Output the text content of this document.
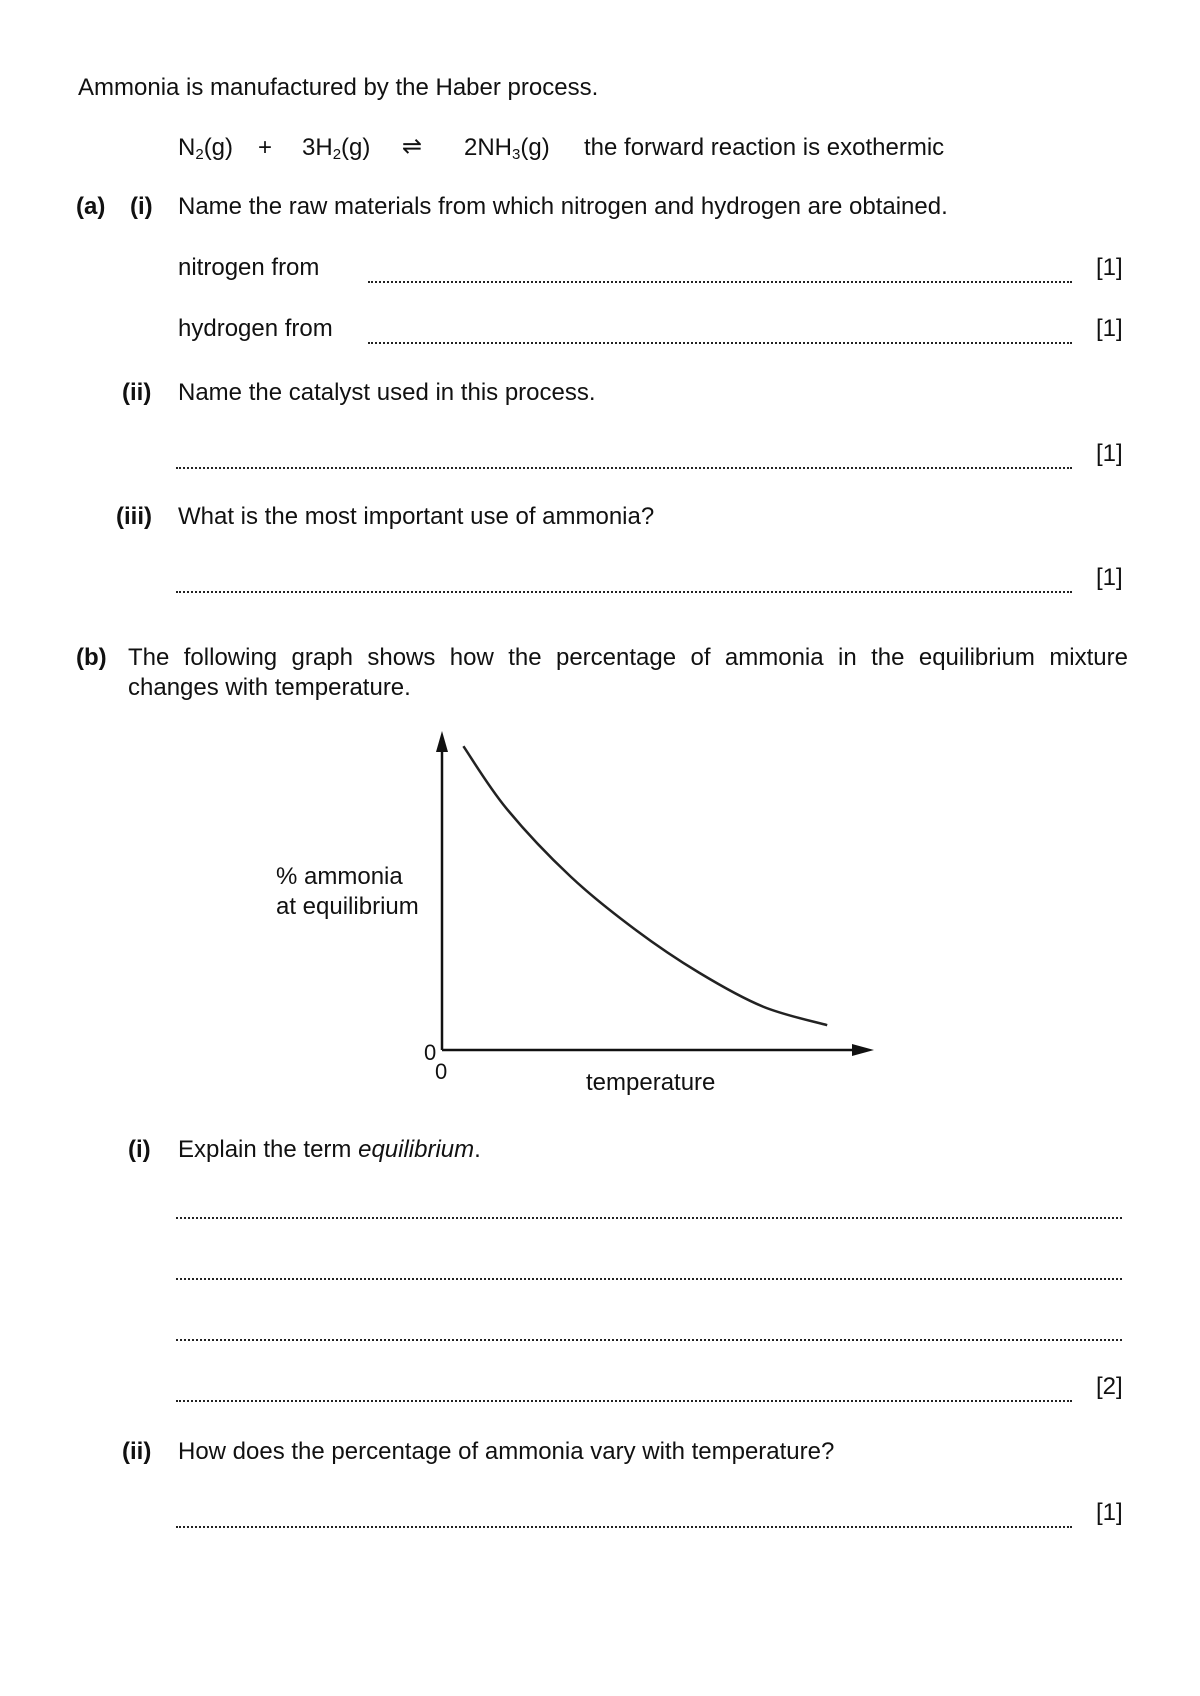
Ammonia is manufactured by the Haber process.
$N_2(g) + 3H_2(g)$ ⇌ $2NH_3(g)$ the forward reaction is exothermic
(a) (i) Name the raw materials from which nitrogen and hydrogen are obtained.
nitrogen from	[1]
hydrogen from	[1]
(ii) Name the catalyst used in this process.
[1]
(iii) What is the most important use of ammonia?
[1]
(b) The following graph shows how the percentage of ammonia in the equilibrium mixture
changes with temperature.
% ammonia
at equilibrium
0
0	temperature
(i) Explain the term equilibrium.
[2]
(ii) How does the percentage of ammonia vary with temperature?
[1]
